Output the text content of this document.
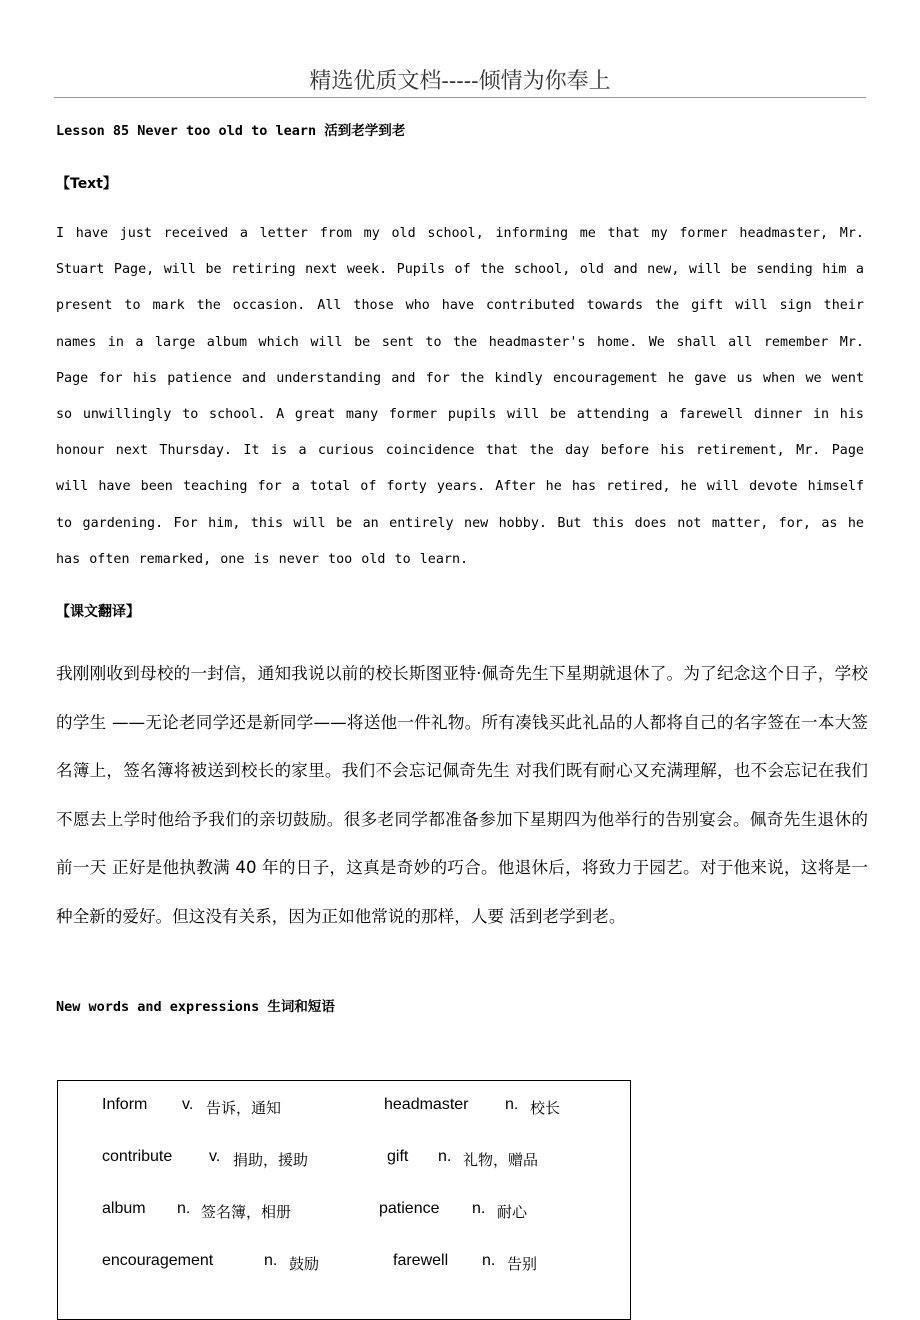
精选优质文档-----倾情为你奉上
Lesson 85 Never too old to learn 活到老学到老
【Text】

I have just received a letter from my old school, informing me that my former headmaster, Mr. Stuart Page, will be retiring next week. Pupils of the school, old and new, will be sending him a present to mark the occasion. All those who have contributed towards the gift will sign their names in a large album which will be sent to the headmaster's home. We shall all remember Mr. Page for his patience and understanding and for the kindly encouragement he gave us when we went so unwillingly to school. A great many former pupils will be attending a farewell dinner in his honour next Thursday. It is a curious coincidence that the day before his retirement, Mr. Page will have been teaching for a total of forty years. After he has retired, he will devote himself to gardening. For him, this will be an entirely new hobby. But this does not matter, for, as he has often remarked, one is never too old to learn.

【课文翻译】

我刚刚收到母校的一封信，通知我说以前的校长斯图亚特·佩奇先生下星期就退休了。为了纪念这个日子，学校的学生 ——无论老同学还是新同学——将送他一件礼物。所有凑钱买此礼品的人都将自己的名字签在一本大签名簿上，签名簿将被送到校长的家里。我们不会忘记佩奇先生 对我们既有耐心又充满理解，也不会忘记在我们不愿去上学时他给予我们的亲切鼓励。很多老同学都准备参加下星期四为他举行的告别宴会。佩奇先生退休的前一天 正好是他执教满 40 年的日子，这真是奇妙的巧合。他退休后，将致力于园艺。对于他来说，这将是一种全新的爱好。但这没有关系，因为正如他常说的那样，人要 活到老学到老。

New words and expressions 生词和短语
Inform v. 告诉，通知	headmaster n. 校长
contribute v. 捐助，援助	gift n. 礼物，赠品
album n. 签名簿，相册	patience n. 耐心
encouragement	n. 鼓励	farewell n. 告别
